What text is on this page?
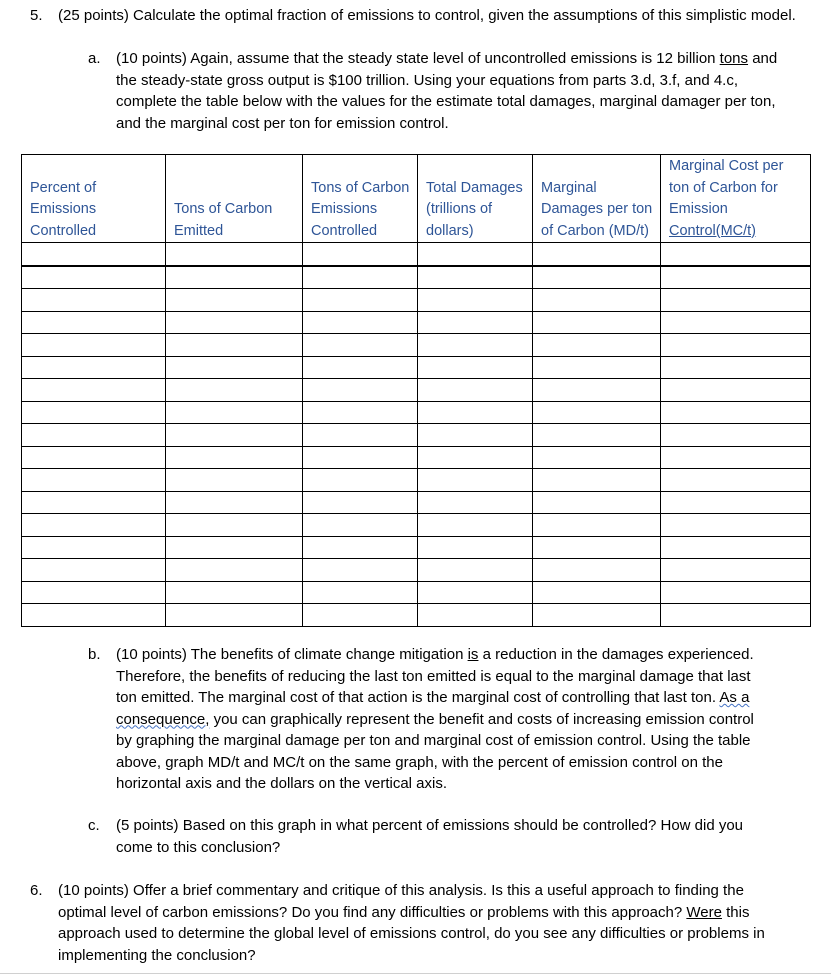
5. (25 points) Calculate the optimal fraction of emissions to control, given the assumptions of this simplistic model.
a. (10 points) Again, assume that the steady state level of uncontrolled emissions is 12 billion tons and the steady-state gross output is $100 trillion. Using your equations from parts 3.d, 3.f, and 4.c, complete the table below with the values for the estimate total damages, marginal damager per ton, and the marginal cost per ton for emission control.
Percent of Emissions Controlled	Tons of Carbon Emitted	Tons of Carbon Emissions Controlled	Total Damages (trillions of dollars)	Marginal Damages per ton of Carbon (MD/t)	Marginal Cost per ton of Carbon for Emission Control(MC/t)

b. (10 points) The benefits of climate change mitigation is a reduction in the damages experienced. Therefore, the benefits of reducing the last ton emitted is equal to the marginal damage that last ton emitted. The marginal cost of that action is the marginal cost of controlling that last ton. As a consequence, you can graphically represent the benefit and costs of increasing emission control by graphing the marginal damage per ton and marginal cost of emission control. Using the table above, graph MD/t and MC/t on the same graph, with the percent of emission control on the horizontal axis and the dollars on the vertical axis.
c. (5 points) Based on this graph in what percent of emissions should be controlled? How did you come to this conclusion?
6. (10 points) Offer a brief commentary and critique of this analysis. Is this a useful approach to finding the optimal level of carbon emissions? Do you find any difficulties or problems with this approach? Were this approach used to determine the global level of emissions control, do you see any difficulties or problems in implementing the conclusion?
